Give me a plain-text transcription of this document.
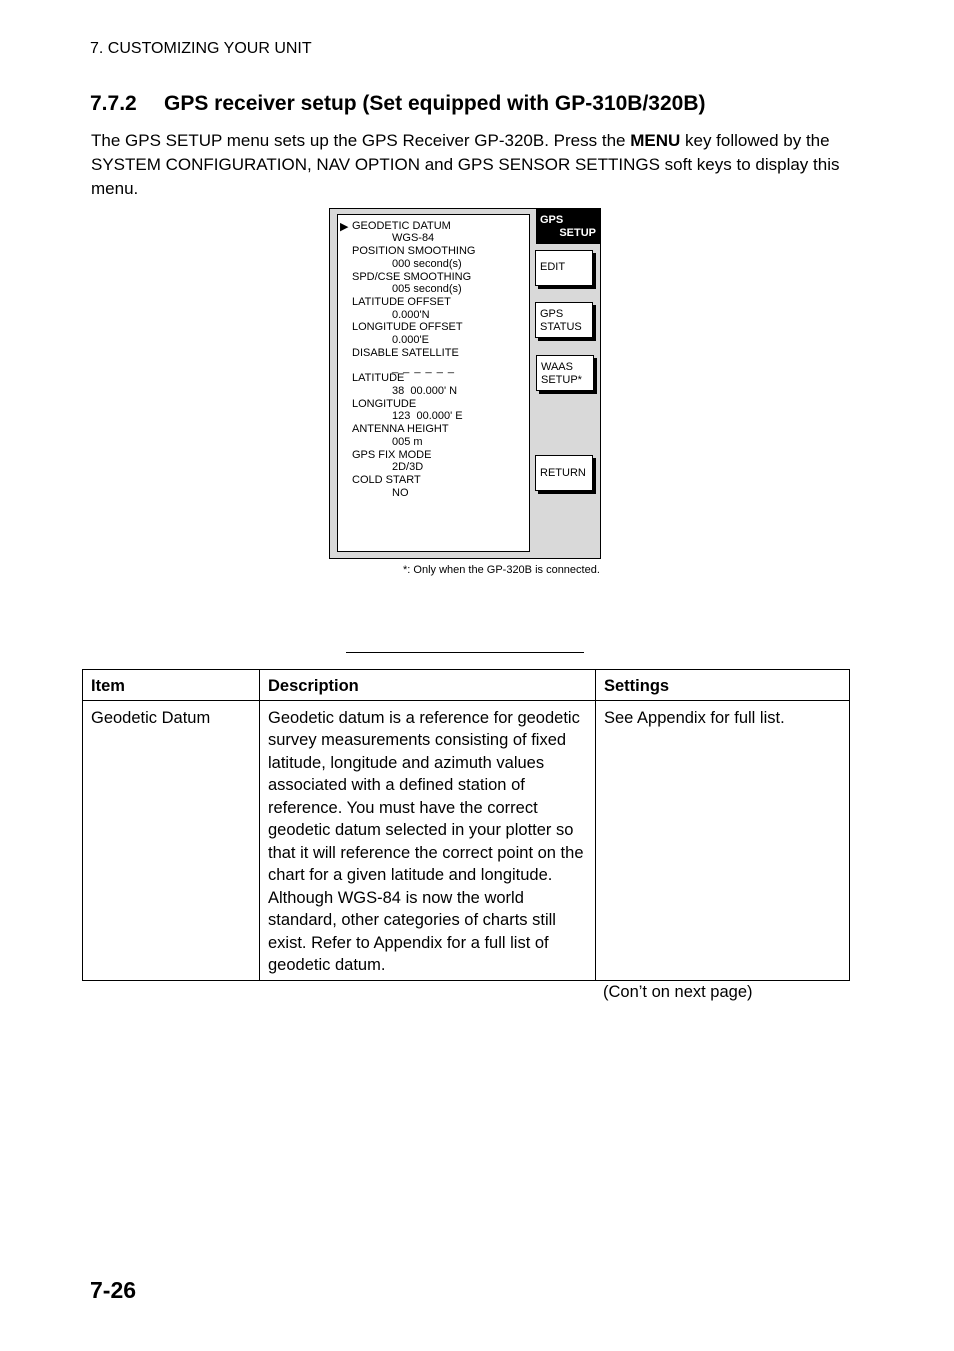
7. CUSTOMIZING YOUR UNIT
7.7.2 GPS receiver setup (Set equipped with GP-310B/320B)
The GPS SETUP menu sets up the GPS Receiver GP-320B. Press the MENU key followed by the SYSTEM CONFIGURATION, NAV OPTION and GPS SENSOR SETTINGS soft keys to display this menu.
▶ GEODETIC DATUM
WGS-84
POSITION SMOOTHING
000 second(s)
SPD/CSE SMOOTHING
005 second(s)
LATITUDE OFFSET
0.000'N
LONGITUDE OFFSET
0.000'E
DISABLE SATELLITE
_ _ _ _ _ _
LATITUDE
38  00.000' N
LONGITUDE
123  00.000' E
ANTENNA HEIGHT
005 m
GPS FIX MODE
2D/3D
COLD START
NO
GPS
SETUP
EDIT
GPS
STATUS
WAAS
SETUP*
RETURN
*: Only when the GP-320B is connected.
Item	Description	Settings
Geodetic Datum	Geodetic datum is a reference for geodetic survey measurements consisting of fixed latitude, longitude and azimuth values associated with a defined station of reference. You must have the correct geodetic datum selected in your plotter so that it will reference the correct point on the chart for a given latitude and longitude. Although WGS-84 is now the world standard, other categories of charts still exist. Refer to Appendix for a full list of geodetic datum.	See Appendix for full list.
(Con’t on next page)
7-26
